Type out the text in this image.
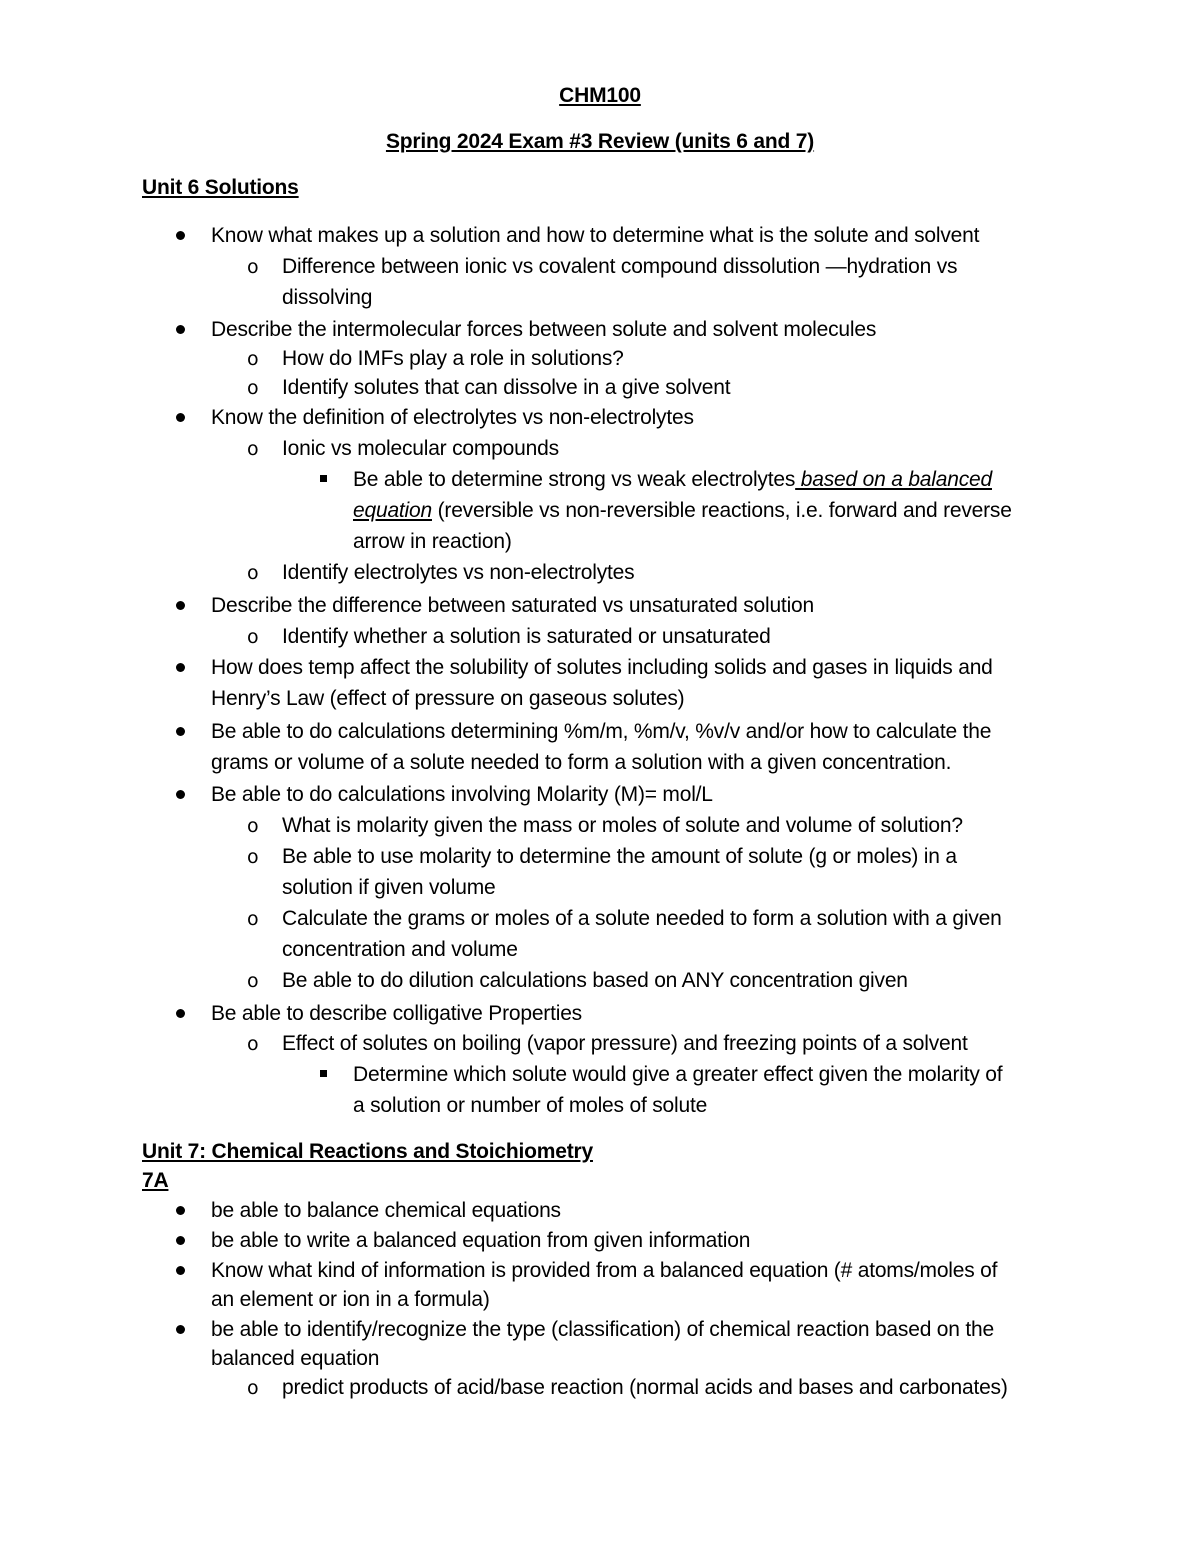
CHM100
Spring 2024 Exam #3 Review (units 6 and 7)
Unit 6 Solutions
Know what makes up a solution and how to determine what is the solute and solvent
o Difference between ionic vs covalent compound dissolution —hydration vs
dissolving
Describe the intermolecular forces between solute and solvent molecules
o How do IMFs play a role in solutions?
o Identify solutes that can dissolve in a give solvent
Know the definition of electrolytes vs non-electrolytes
o Ionic vs molecular compounds
Be able to determine strong vs weak electrolytes based on a balanced
equation (reversible vs non-reversible reactions, i.e. forward and reverse
arrow in reaction)
o Identify electrolytes vs non-electrolytes
Describe the difference between saturated vs unsaturated solution
o Identify whether a solution is saturated or unsaturated
How does temp affect the solubility of solutes including solids and gases in liquids and
Henry’s Law (effect of pressure on gaseous solutes)
Be able to do calculations determining %m/m, %m/v, %v/v and/or how to calculate the
grams or volume of a solute needed to form a solution with a given concentration.
Be able to do calculations involving Molarity (M)= mol/L
o What is molarity given the mass or moles of solute and volume of solution?
o Be able to use molarity to determine the amount of solute (g or moles) in a
solution if given volume
o Calculate the grams or moles of a solute needed to form a solution with a given
concentration and volume
o Be able to do dilution calculations based on ANY concentration given
Be able to describe colligative Properties
o Effect of solutes on boiling (vapor pressure) and freezing points of a solvent
Determine which solute would give a greater effect given the molarity of
a solution or number of moles of solute
Unit 7: Chemical Reactions and Stoichiometry
7A
be able to balance chemical equations
be able to write a balanced equation from given information
Know what kind of information is provided from a balanced equation (# atoms/moles of
an element or ion in a formula)
be able to identify/recognize the type (classification) of chemical reaction based on the
balanced equation
o predict products of acid/base reaction (normal acids and bases and carbonates)
